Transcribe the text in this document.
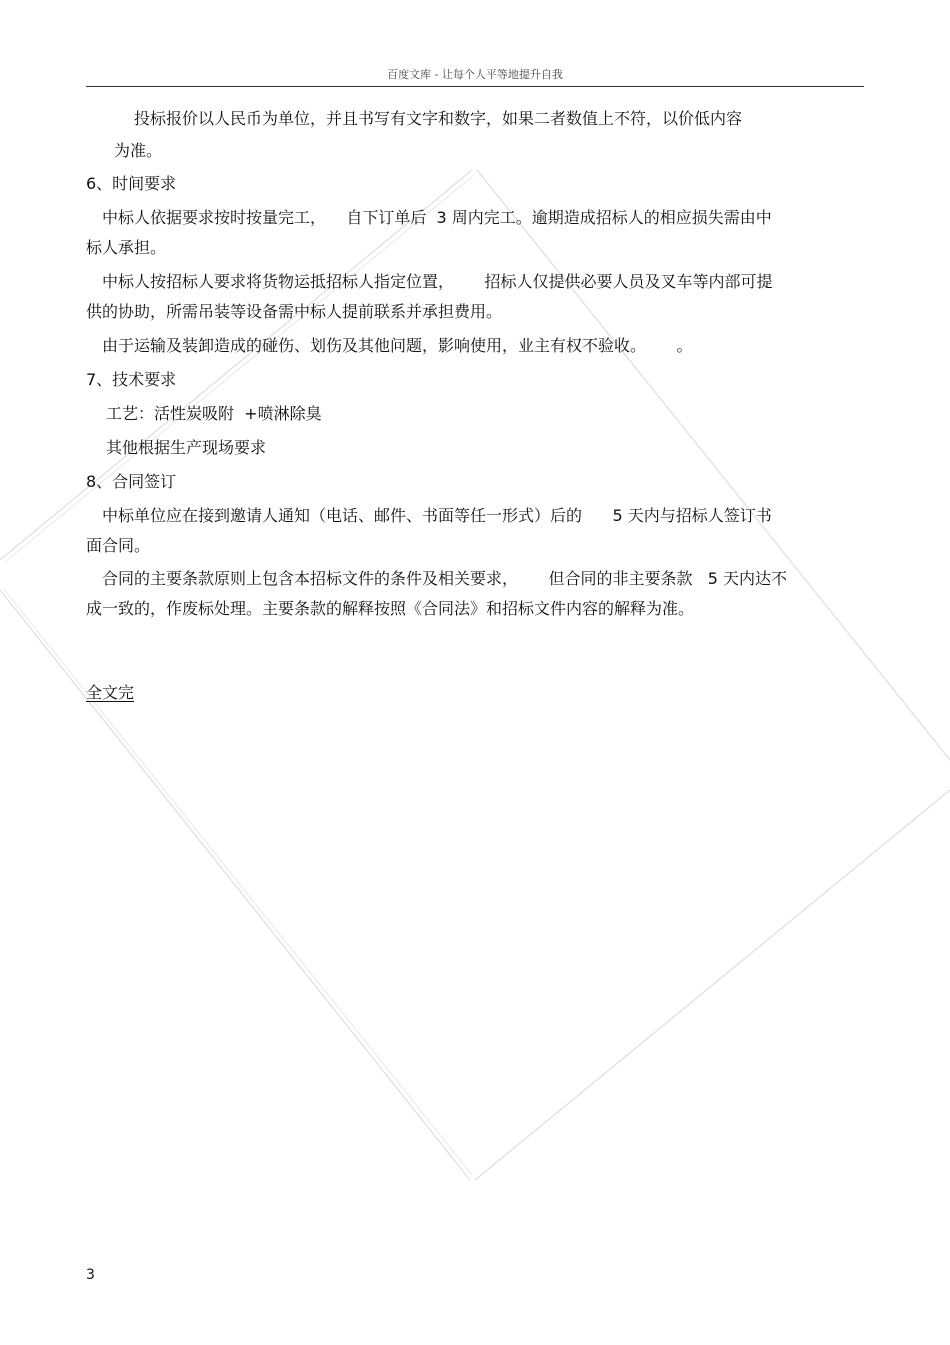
百度文库 - 让每个人平等地提升自我
投标报价以人民币为单位，并且书写有文字和数字，如果二者数值上不符，以价低内容
为准。
6、时间要求
中标人依据要求按时按量完工，    自下订单后  3 周内完工。逾期造成招标人的相应损失需由中
标人承担。
中标人按招标人要求将货物运抵招标人指定位置，      招标人仅提供必要人员及叉车等内部可提
供的协助，所需吊装等设备需中标人提前联系并承担费用。
由于运输及装卸造成的碰伤、划伤及其他问题，影响使用，业主有权不验收。      。
7、技术要求
工艺：活性炭吸附  +喷淋除臭
其他根据生产现场要求
8、合同签订
中标单位应在接到邀请人通知（电话、邮件、书面等任一形式）后的      5 天内与招标人签订书
面合同。
合同的主要条款原则上包含本招标文件的条件及相关要求，      但合同的非主要条款   5 天内达不
成一致的，作废标处理。主要条款的解释按照《合同法》和招标文件内容的解释为准。
全文完
3
